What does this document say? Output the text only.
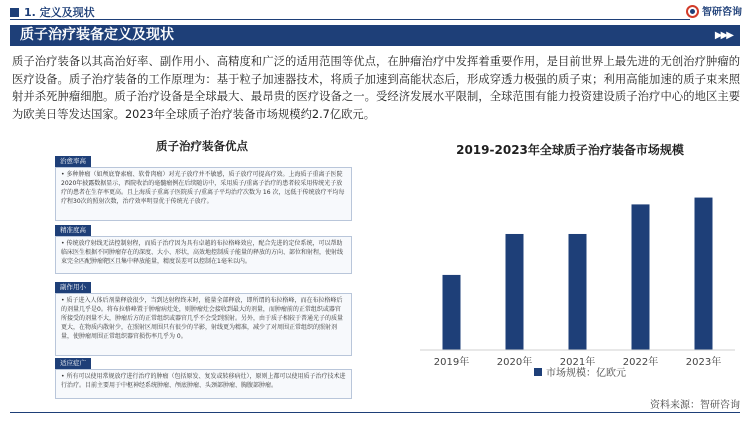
1. 定义及现状	智研咨询
质子治疗装备定义及现状	▶▶▶
质子治疗装备以其高治好率、副作用小、高精度和广泛的适用范围等优点，在肿瘤治疗中发挥着重要作用，是目前世界上最先进的无创治疗肿瘤的医疗设备。质子治疗装备的工作原理为：基于粒子加速器技术，将质子加速到高能状态后，形成穿透力极强的质子束；利用高能加速的质子束来照射并杀死肿瘤细胞。质子治疗设备是全球最大、最昂贵的医疗设备之一。受经济发展水平限制，全球范围有能力投资建设质子治疗中心的地区主要为欧美日等发达国家。2023年全球质子治疗装备市场规模约2.7亿欧元。
质子治疗装备优点
治愈率高
• 多种肿瘤（如颅底脊索瘤、软骨肉瘤）对光子放疗并不敏感，质子放疗可提高疗效。上海质子重离子医院2020年披露数据显示，西院收治的毫髓瘤例在后续随访中，采用质子/重离子治疗的患者较采用传统光子放疗的患者在生存率更高。且上海质子重离子医院质子/重离子平均治疗次数为 16 次，远低于传统放疗平均每疗程30次的照射次数，治疗效率明显优于传统光子放疗。
精准度高
• 传统放疗射线无法控制射程，而质子治疗因为具有卓越的布拉格峰效应，配合先进的定位系统，可以帮助临床医生根据不同肿瘤存在的深度、大小、形状，高效地控制质子能量的释放的方向、部位和射程，使射线束完全匹配肿瘤靶区且集中释放能量，精度误差可以控制在1毫米以内。
副作用小
• 质子进入人体后剂量释放很少，当到达射程终末时，能量全部释放，即所谓的布拉格峰，而在布拉格峰后的剂量几乎是0。将布拉格峰置于肿瘤病灶处，则肿瘤灶会接收到最大的剂量，而肿瘤前的正常组织或器官所接受的剂量不大，肿瘤后方的正常组织或器官几乎不会受到照射。另外，由于质子相较于普通光子的质量更大，在物质内散射少，在照射区周围只有很少的半影，射线更为精准，减少了对周围正常组织的照射剂量，使肿瘤周围正常组织器官损伤率几乎为 0。
适应症广
• 所有可以使用常规放疗进行治疗的肿瘤（包括原发、复发或转移病灶），原则上都可以使用质子治疗技术进行治疗。目前主要用于中枢神经系统肿瘤、颅底肿瘤、头颈部肿瘤、胸腹部肿瘤。
2019-2023年全球质子治疗装备市场规模
2019年	2020年	2021年	2022年	2023年
市场规模：亿欧元
资料来源：智研咨询
